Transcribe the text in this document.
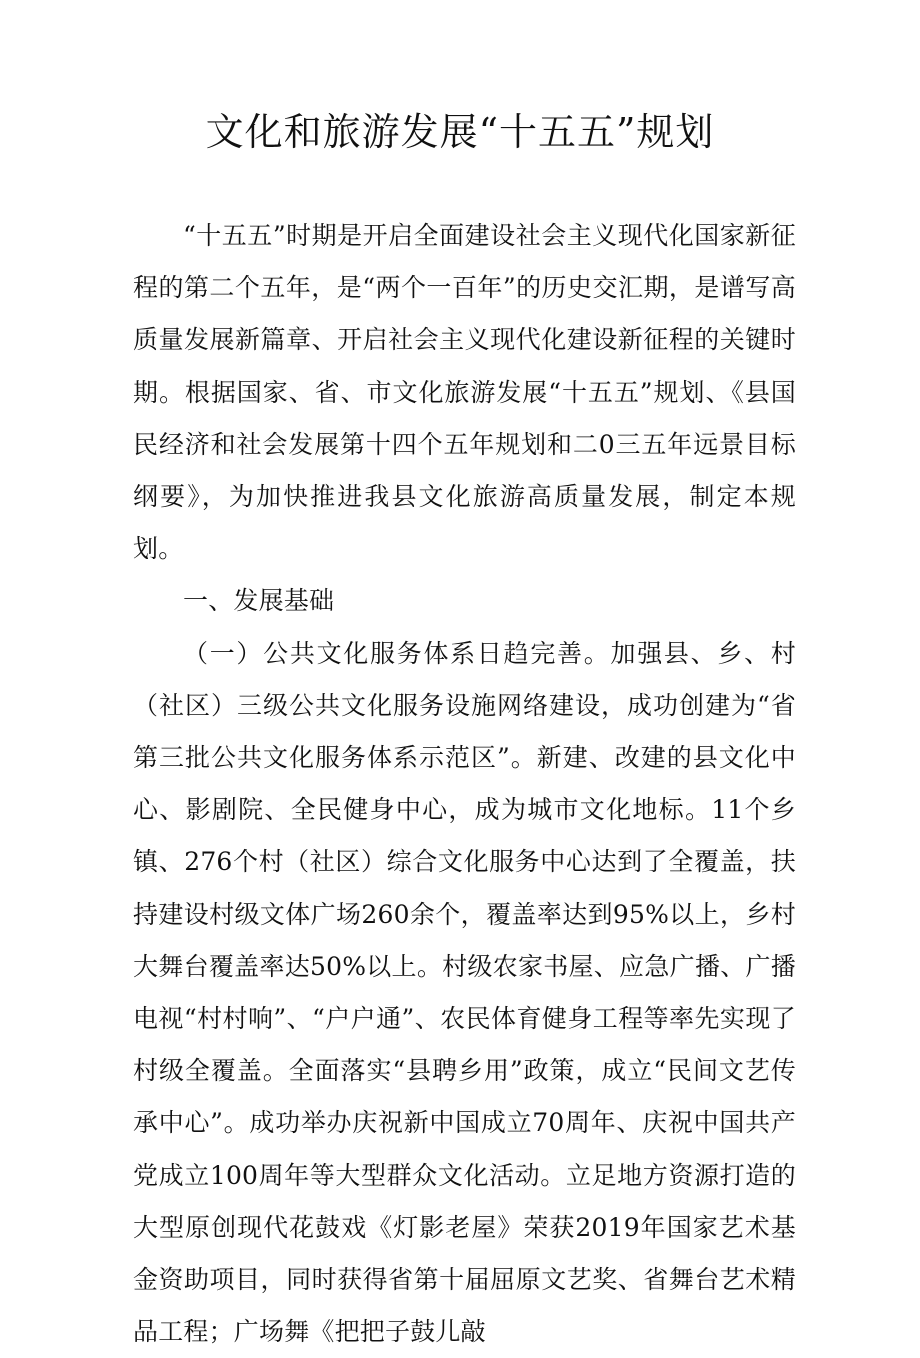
文化和旅游发展“十五五”规划

“十五五”时期是开启全面建设社会主义现代化国家新征程的第二个五年，是“两个一百年”的历史交汇期，是谱写高质量发展新篇章、开启社会主义现代化建设新征程的关键时期。根据国家、省、市文化旅游发展“十五五”规划、《县国民经济和社会发展第十四个五年规划和二0三五年远景目标纲要》，为加快推进我县文化旅游高质量发展，制定本规划。

一、发展基础

（一）公共文化服务体系日趋完善。加强县、乡、村（社区）三级公共文化服务设施网络建设，成功创建为“省第三批公共文化服务体系示范区”。新建、改建的县文化中心、影剧院、全民健身中心，成为城市文化地标。11个乡镇、276个村（社区）综合文化服务中心达到了全覆盖，扶持建设村级文体广场260余个，覆盖率达到95%以上，乡村大舞台覆盖率达50%以上。村级农家书屋、应急广播、广播电视“村村响”、“户户通”、农民体育健身工程等率先实现了村级全覆盖。全面落实“县聘乡用”政策，成立“民间文艺传承中心”。成功举办庆祝新中国成立70周年、庆祝中国共产党成立100周年等大型群众文化活动。立足地方资源打造的大型原创现代花鼓戏《灯影老屋》荣获2019年国家艺术基金资助项目，同时获得省第十届屈原文艺奖、省舞台艺术精品工程；广场舞《把把子鼓儿敲
